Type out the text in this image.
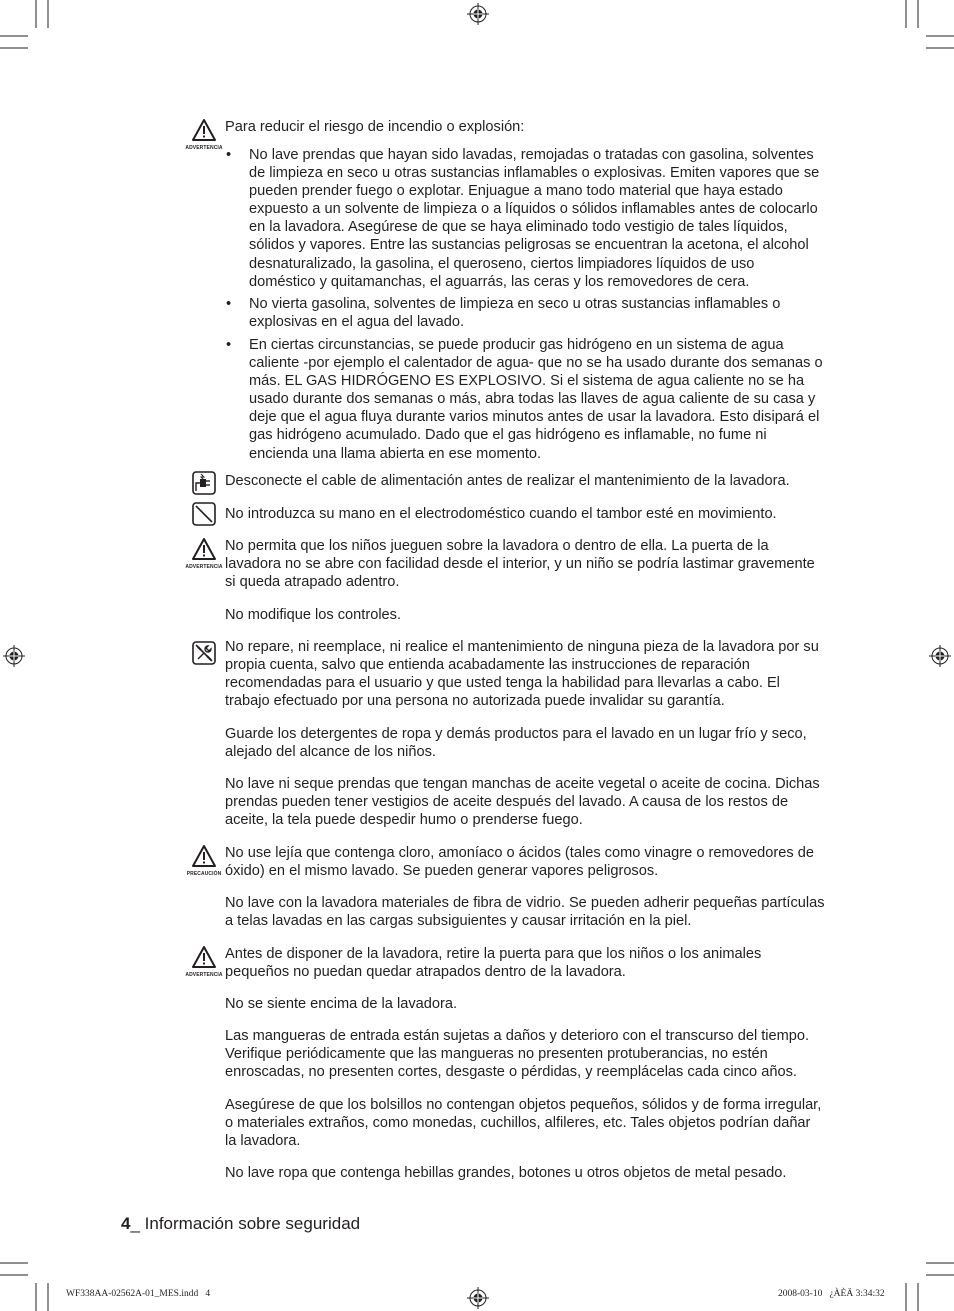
ADVERTENCIA

Para reducir el riesgo de incendio o explosión:

• No lave prendas que hayan sido lavadas, remojadas o tratadas con gasolina, solventes de limpieza en seco u otras sustancias inflamables o explosivas. Emiten vapores que se pueden prender fuego o explotar. Enjuague a mano todo material que haya estado expuesto a un solvente de limpieza o a líquidos o sólidos inflamables antes de colocarlo en la lavadora. Asegúrese de que se haya eliminado todo vestigio de tales líquidos, sólidos y vapores. Entre las sustancias peligrosas se encuentran la acetona, el alcohol desnaturalizado, la gasolina, el queroseno, ciertos limpiadores líquidos de uso doméstico y quitamanchas, el aguarrás, las ceras y los removedores de cera.

• No vierta gasolina, solventes de limpieza en seco u otras sustancias inflamables o explosivas en el agua del lavado.

• En ciertas circunstancias, se puede producir gas hidrógeno en un sistema de agua caliente -por ejemplo el calentador de agua- que no se ha usado durante dos semanas o más. EL GAS HIDRÓGENO ES EXPLOSIVO. Si el sistema de agua caliente no se ha usado durante dos semanas o más, abra todas las llaves de agua caliente de su casa y deje que el agua fluya durante varios minutos antes de usar la lavadora. Esto disipará el gas hidrógeno acumulado. Dado que el gas hidrógeno es inflamable, no fume ni encienda una llama abierta en ese momento.

Desconecte el cable de alimentación antes de realizar el mantenimiento de la lavadora.

No introduzca su mano en el electrodoméstico cuando el tambor esté en movimiento.

ADVERTENCIA

No permita que los niños jueguen sobre la lavadora o dentro de ella. La puerta de la lavadora no se abre con facilidad desde el interior, y un niño se podría lastimar gravemente si queda atrapado adentro.

No modifique los controles.

No repare, ni reemplace, ni realice el mantenimiento de ninguna pieza de la lavadora por su propia cuenta, salvo que entienda acabadamente las instrucciones de reparación recomendadas para el usuario y que usted tenga la habilidad para llevarlas a cabo. El trabajo efectuado por una persona no autorizada puede invalidar su garantía.

Guarde los detergentes de ropa y demás productos para el lavado en un lugar frío y seco, alejado del alcance de los niños.

No lave ni seque prendas que tengan manchas de aceite vegetal o aceite de cocina. Dichas prendas pueden tener vestigios de aceite después del lavado. A causa de los restos de aceite, la tela puede despedir humo o prenderse fuego.

PRECAUCIÓN

No use lejía que contenga cloro, amoníaco o ácidos (tales como vinagre o removedores de óxido) en el mismo lavado. Se pueden generar vapores peligrosos.

No lave con la lavadora materiales de fibra de vidrio. Se pueden adherir pequeñas partículas a telas lavadas en las cargas subsiguientes y causar irritación en la piel.

ADVERTENCIA

Antes de disponer de la lavadora, retire la puerta para que los niños o los animales pequeños no puedan quedar atrapados dentro de la lavadora.

No se siente encima de la lavadora.

Las mangueras de entrada están sujetas a daños y deterioro con el transcurso del tiempo. Verifique periódicamente que las mangueras no presenten protuberancias, no estén enroscadas, no presenten cortes, desgaste o pérdidas, y reemplácelas cada cinco años.

Asegúrese de que los bolsillos no contengan objetos pequeños, sólidos y de forma irregular, o materiales extraños, como monedas, cuchillos, alfileres, etc. Tales objetos podrían dañar la lavadora.

No lave ropa que contenga hebillas grandes, botones u otros objetos de metal pesado.

4_ Información sobre seguridad
WF338AA-02562A-01_MES.indd   4	2008-03-10   ¿ÀÈÄ 3:34:32
